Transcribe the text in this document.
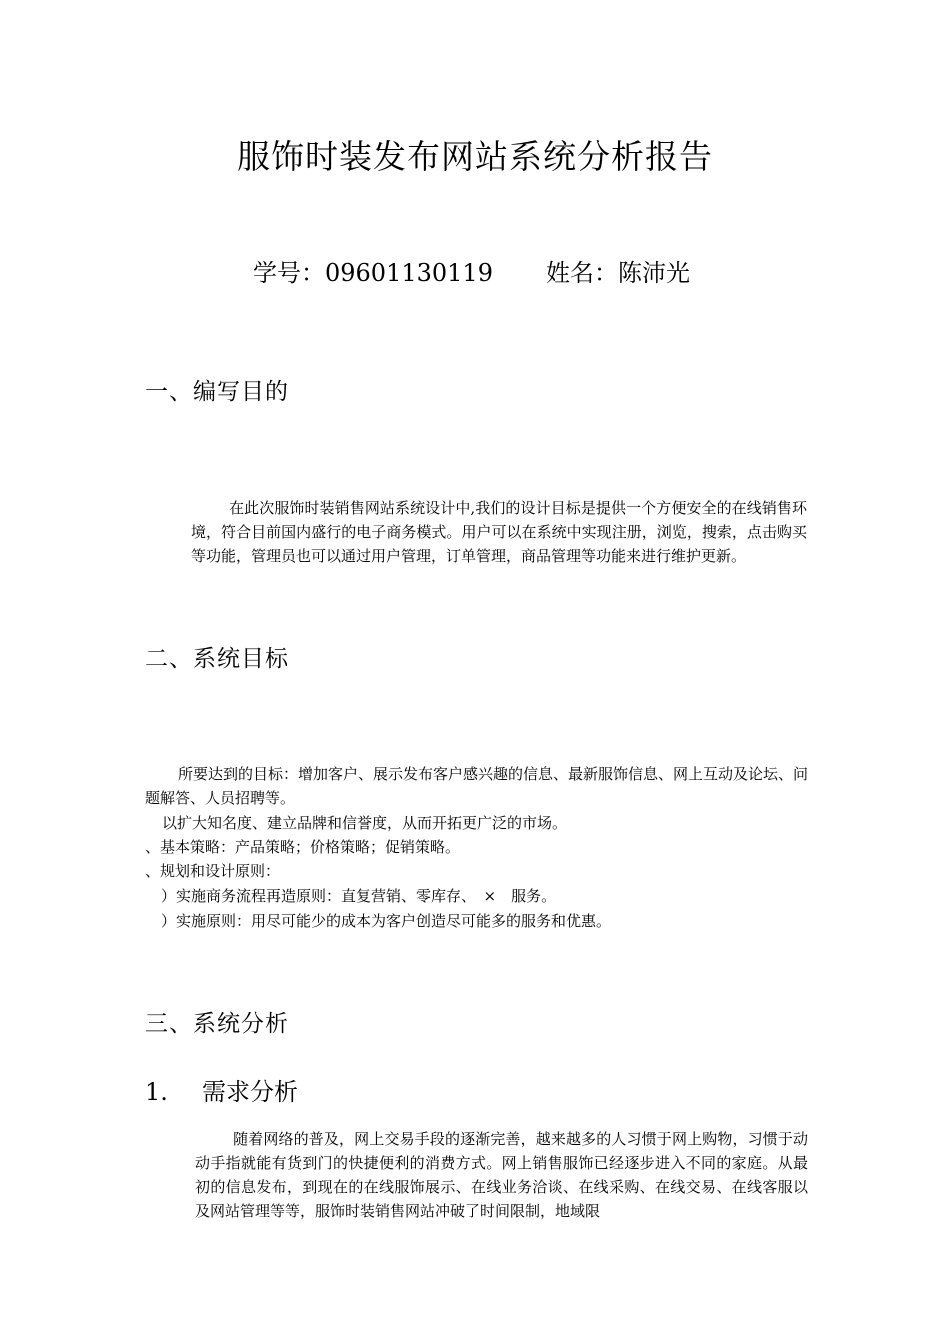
服饰时装发布网站系统分析报告
学号：09601130119 姓名：陈沛光
一、编写目的
在此次服饰时装销售网站系统设计中,我们的设计目标是提供一个方便安全的在线销售环境，符合目前国内盛行的电子商务模式。用户可以在系统中实现注册，浏览，搜索，点击购买等功能，管理员也可以通过用户管理，订单管理，商品管理等功能来进行维护更新。
二、系统目标
所要达到的目标：增加客户、展示发布客户感兴趣的信息、最新服饰信息、网上互动及论坛、问题解答、人员招聘等。
以扩大知名度、建立品牌和信誉度，从而开拓更广泛的市场。
、基本策略：产品策略；价格策略；促销策略。
、规划和设计原则：
）实施商务流程再造原则：直复营销、零库存、　×　服务。
）实施原则：用尽可能少的成本为客户创造尽可能多的服务和优惠。
三、系统分析
1. 需求分析
随着网络的普及，网上交易手段的逐渐完善，越来越多的人习惯于网上购物，习惯于动动手指就能有货到门的快捷便利的消费方式。网上销售服饰已经逐步进入不同的家庭。从最初的信息发布，到现在的在线服饰展示、在线业务洽谈、在线采购、在线交易、在线客服以及网站管理等等，服饰时装销售网站冲破了时间限制，地域限
